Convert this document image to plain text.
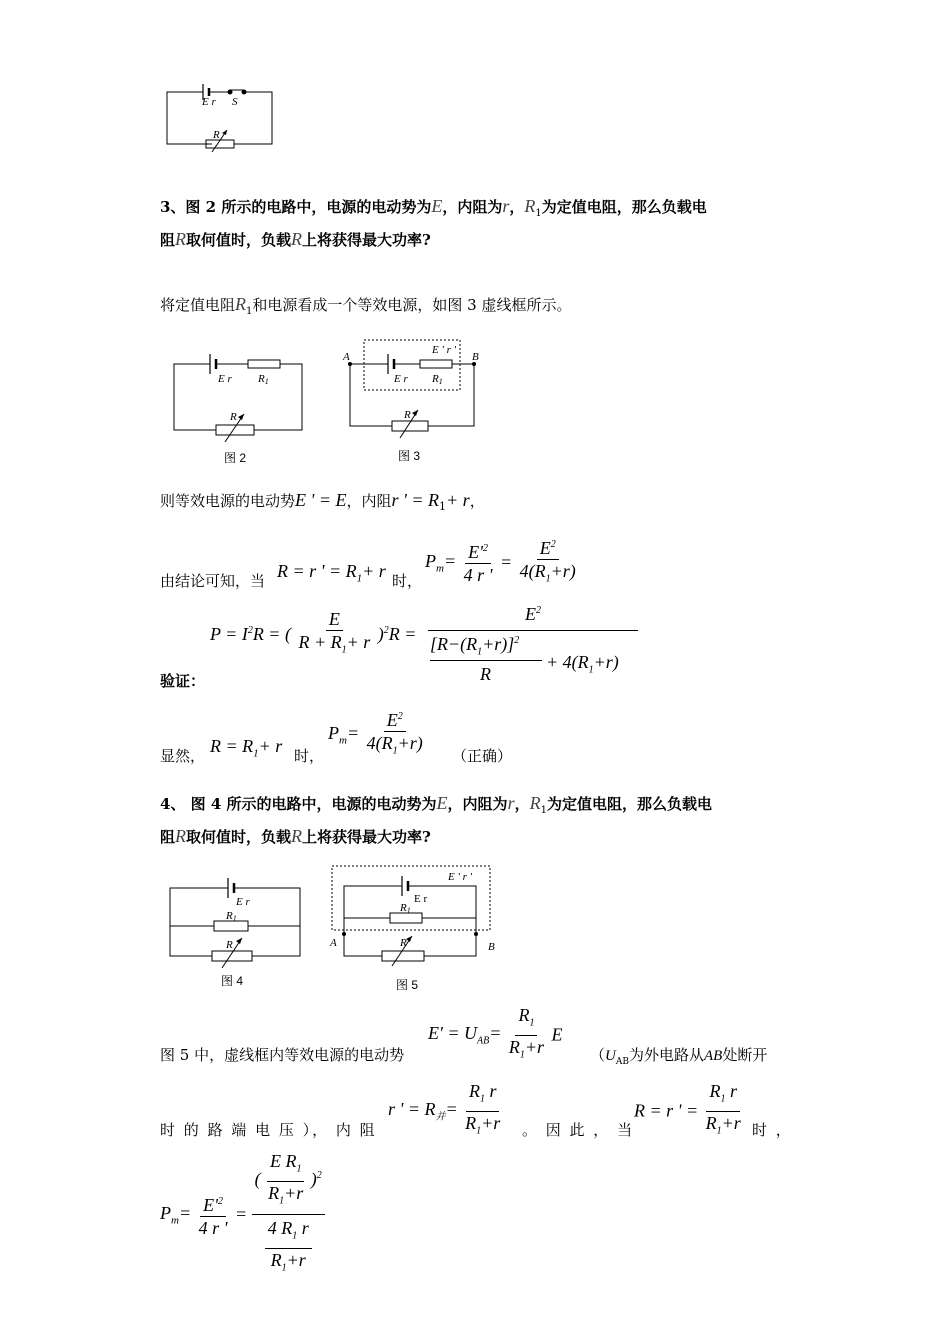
E r S
R
3、图 2 所示的电路中，电源的电动势为E，内阻为r，$R_1$为定值电阻，那么负载电
阻R取何值时，负载R上将获得最大功率?
将定值电阻$R_1$和电源看成一个等效电源，如图 3 虚线框所示。
E r R1
R
图 2
A	B
E ' r '
E r R1
R
图 3
则等效电源的电动势E ' = E，内阻r ' = $R_1+ r$，
由结论可知，当 R = r ' = $R_1+ r$ 时，
$P_m= \frac{E'^2}{4 r '} = \frac{E^2}{4(R_1+r)}$
$P = I^2R$ = ( $\frac{E}{R + R_1+ r} )^2R$ =
$E^2$
$[R-(R_1+r)]^2$
R
+ $4(R_1+r)$
验证：
显然， $R = R_1+ r$ 时，
$P_m= \frac{E^2}{4(R_1+r)}$ （正确）
4、 图 4 所示的电路中，电源的电动势为E，内阻为r，$R_1$为定值电阻，那么负载电
阻R取何值时，负载R上将获得最大功率?
E r
R1
R
图 4
E ' r '
E r
R1
R
A	B
图 5
$E' = U_{AB}= \frac{R_1}{R_1+r}$ E
图 5 中，虚线框内等效电源的电动势	（$U_{AB}$为外电路从AB处断开
时 的 路 端 电 压 ）， 内 阻
r ' = $R_并= \frac{R_1 r}{R_1+r}$ 。 因 此 ， 当
R = r ' = $\frac{R_1 r}{R_1+r}$ 时 ，
$P_m= \frac{E'^2}{4 r '} = \frac{( \frac{E R_1}{R_1+r} )^2}{\frac{4 R_1 r}{R_1+r}}$
